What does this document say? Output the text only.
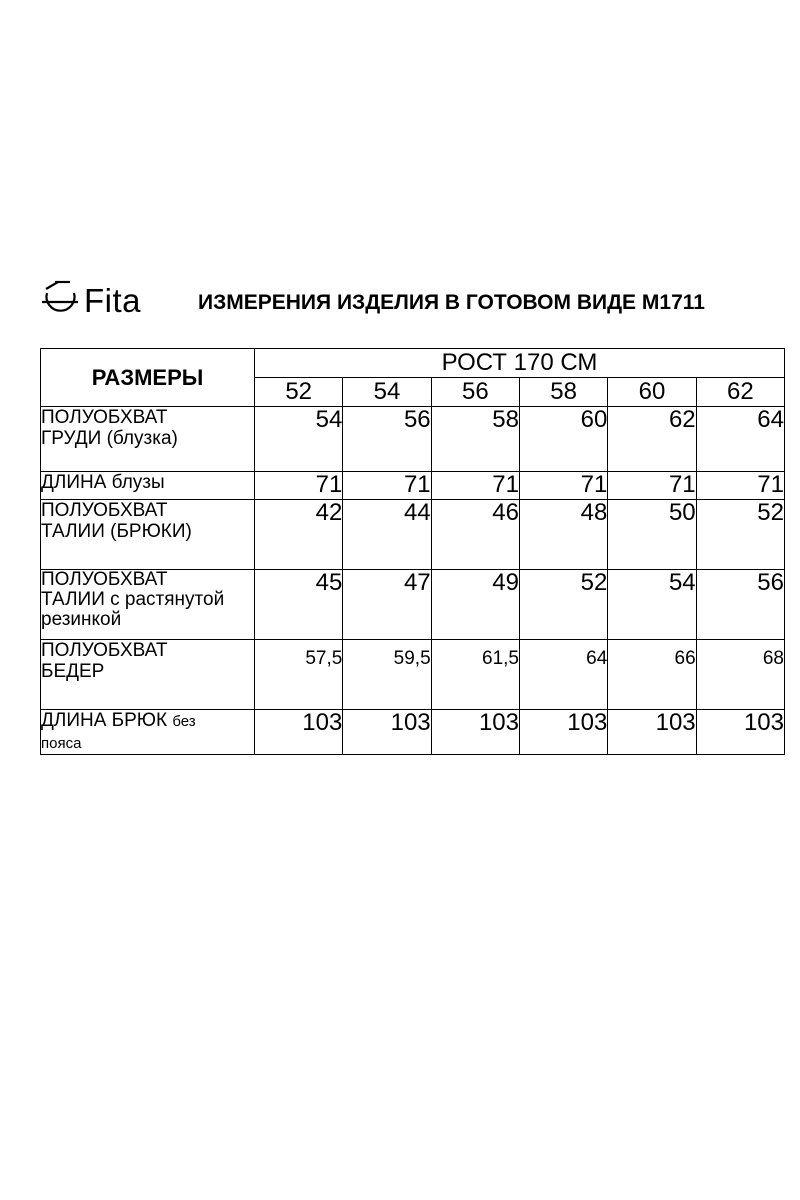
Fita	ИЗМЕРЕНИЯ ИЗДЕЛИЯ В ГОТОВОМ ВИДЕ М1711
РАЗМЕРЫ	РОСТ 170 СМ					
	52	54	56	58	60	62
ПОЛУОБХВАТ
ГРУДИ (блузка)	54	56	58	60	62	64
ДЛИНА блузы	71	71	71	71	71	71
ПОЛУОБХВАТ
ТАЛИИ (БРЮКИ)	42	44	46	48	50	52
ПОЛУОБХВАТ
ТАЛИИ с растянутой
резинкой	45	47	49	52	54	56
ПОЛУОБХВАТ
БЕДЕР	57,5	59,5	61,5	64	66	68
ДЛИНА БРЮК без
пояса	103	103	103	103	103	103
